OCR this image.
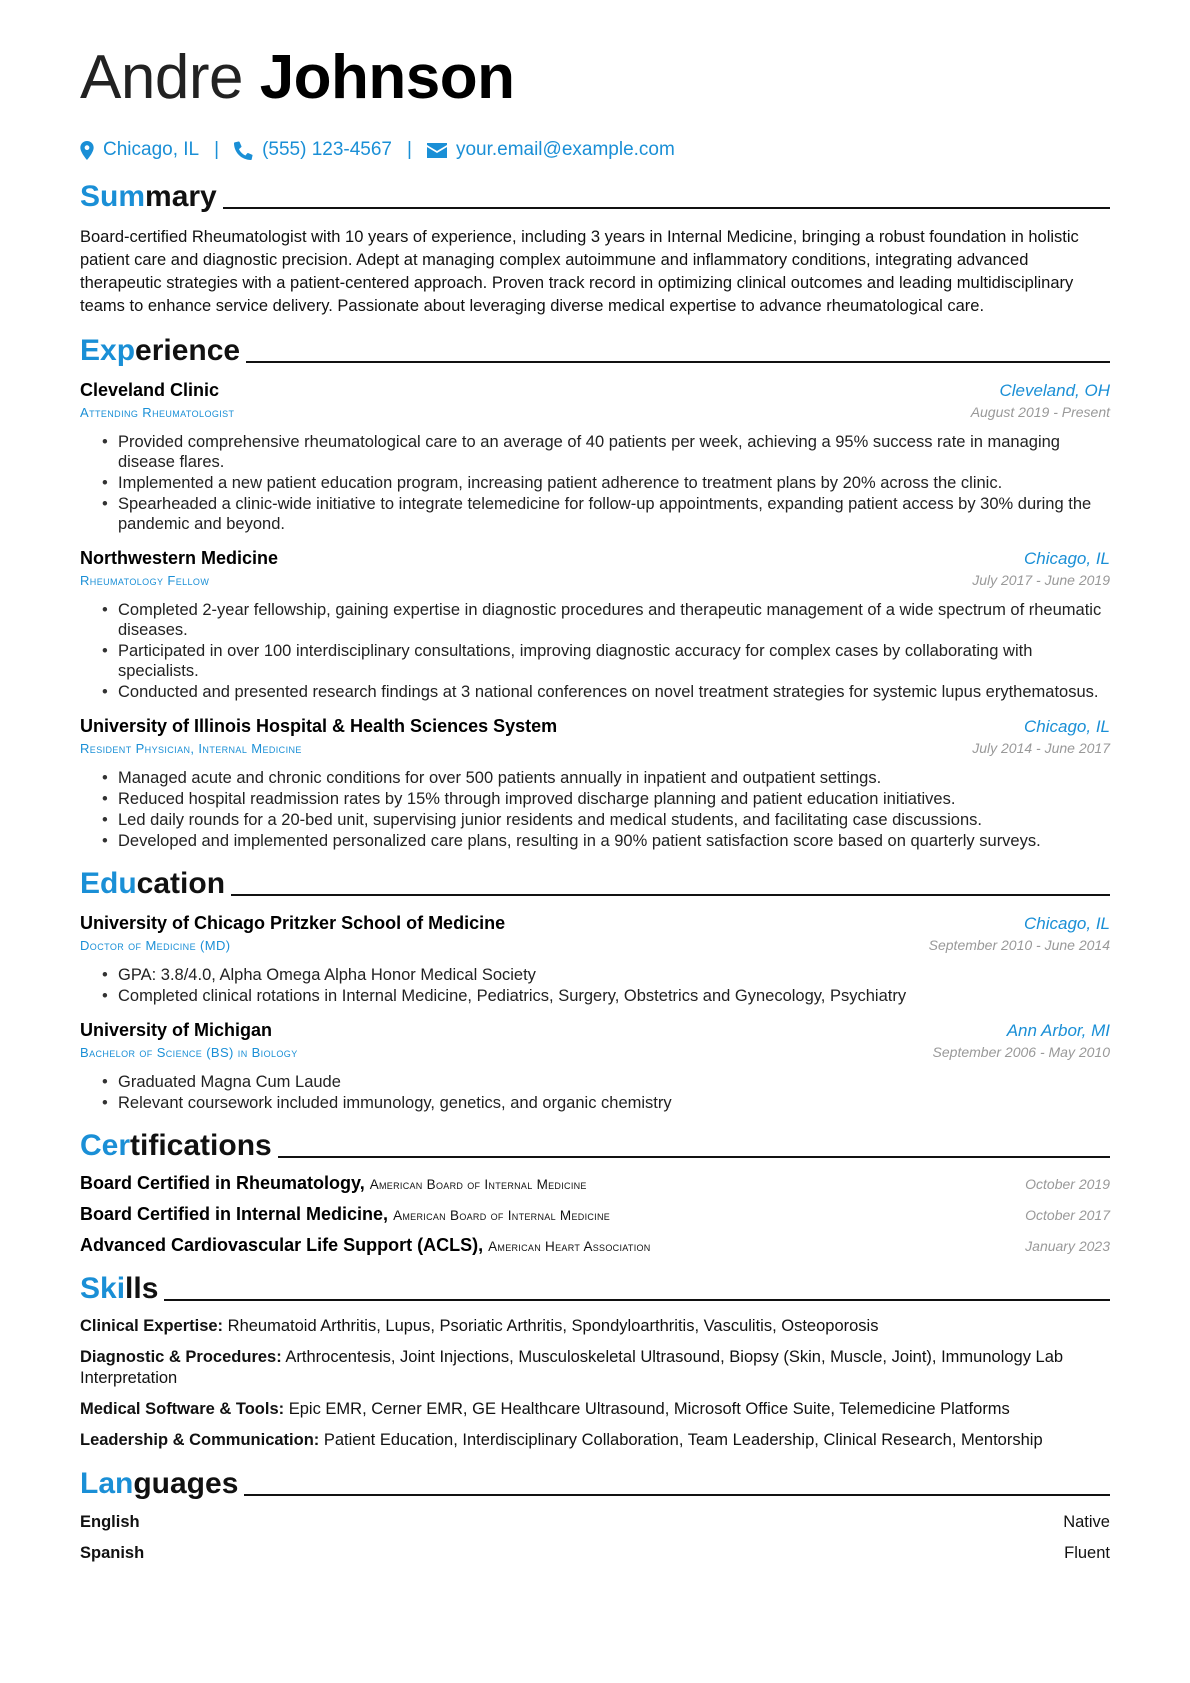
Andre Johnson
Chicago, IL | (555) 123-4567 | your.email@example.com
Summary

Board-certified Rheumatologist with 10 years of experience, including 3 years in Internal Medicine, bringing a robust foundation in holistic patient care and diagnostic precision. Adept at managing complex autoimmune and inflammatory conditions, integrating advanced therapeutic strategies with a patient-centered approach. Proven track record in optimizing clinical outcomes and leading multidisciplinary teams to enhance service delivery. Passionate about leveraging diverse medical expertise to advance rheumatological care.

Experience
Cleveland Clinic	Cleveland, OH
Attending Rheumatologist	August 2019 - Present
• Provided comprehensive rheumatological care to an average of 40 patients per week, achieving a 95% success rate in managing disease flares.
• Implemented a new patient education program, increasing patient adherence to treatment plans by 20% across the clinic.
• Spearheaded a clinic-wide initiative to integrate telemedicine for follow-up appointments, expanding patient access by 30% during the pandemic and beyond.
Northwestern Medicine	Chicago, IL
Rheumatology Fellow	July 2017 - June 2019
• Completed 2-year fellowship, gaining expertise in diagnostic procedures and therapeutic management of a wide spectrum of rheumatic diseases.
• Participated in over 100 interdisciplinary consultations, improving diagnostic accuracy for complex cases by collaborating with specialists.
• Conducted and presented research findings at 3 national conferences on novel treatment strategies for systemic lupus erythematosus.
University of Illinois Hospital & Health Sciences System	Chicago, IL
Resident Physician, Internal Medicine	July 2014 - June 2017
• Managed acute and chronic conditions for over 500 patients annually in inpatient and outpatient settings.
• Reduced hospital readmission rates by 15% through improved discharge planning and patient education initiatives.
• Led daily rounds for a 20-bed unit, supervising junior residents and medical students, and facilitating case discussions.
• Developed and implemented personalized care plans, resulting in a 90% patient satisfaction score based on quarterly surveys.
Education
University of Chicago Pritzker School of Medicine	Chicago, IL
Doctor of Medicine (MD)	September 2010 - June 2014
• GPA: 3.8/4.0, Alpha Omega Alpha Honor Medical Society
• Completed clinical rotations in Internal Medicine, Pediatrics, Surgery, Obstetrics and Gynecology, Psychiatry
University of Michigan	Ann Arbor, MI
Bachelor of Science (BS) in Biology	September 2006 - May 2010
• Graduated Magna Cum Laude
• Relevant coursework included immunology, genetics, and organic chemistry
Certifications
Board Certified in Rheumatology, American Board of Internal Medicine	October 2019
Board Certified in Internal Medicine, American Board of Internal Medicine	October 2017
Advanced Cardiovascular Life Support (ACLS), American Heart Association	January 2023
Skills

Clinical Expertise: Rheumatoid Arthritis, Lupus, Psoriatic Arthritis, Spondyloarthritis, Vasculitis, Osteoporosis

Diagnostic & Procedures: Arthrocentesis, Joint Injections, Musculoskeletal Ultrasound, Biopsy (Skin, Muscle, Joint), Immunology Lab Interpretation

Medical Software & Tools: Epic EMR, Cerner EMR, GE Healthcare Ultrasound, Microsoft Office Suite, Telemedicine Platforms

Leadership & Communication: Patient Education, Interdisciplinary Collaboration, Team Leadership, Clinical Research, Mentorship

Languages
English	Native
Spanish	Fluent
